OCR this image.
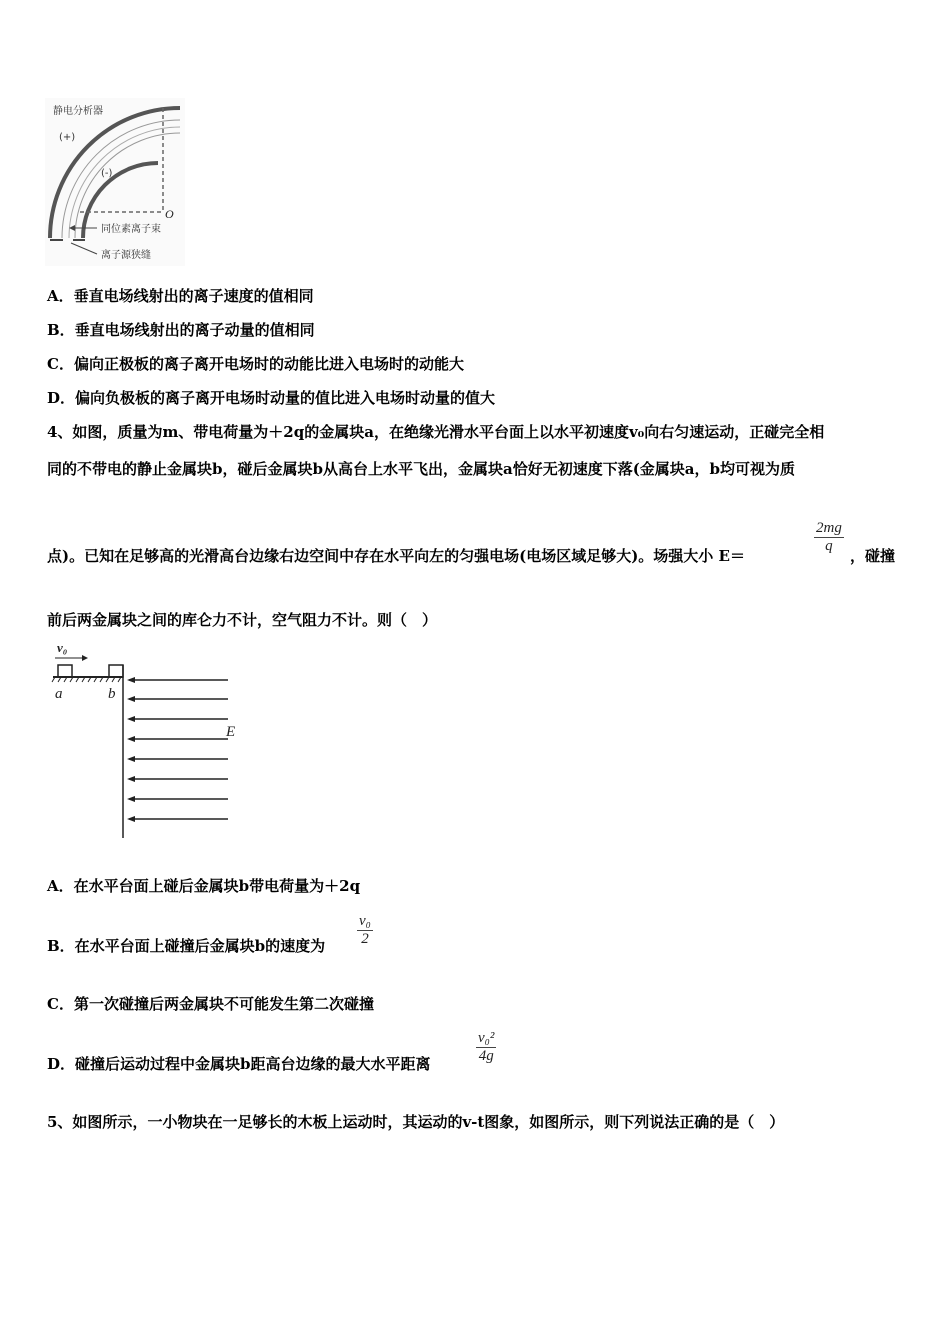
静电分析器
(+)
(-)
O
同位素离子束
离子源狭缝
A．垂直电场线射出的离子速度的值相同
B．垂直电场线射出的离子动量的值相同
C．偏向正极板的离子离开电场时的动能比进入电场时的动能大
D．偏向负极板的离子离开电场时动量的值比进入电场时动量的值大
4、如图，质量为m、带电荷量为＋2q的金属块a，在绝缘光滑水平台面上以水平初速度v₀向右匀速运动，正碰完全相
同的不带电的静止金属块b，碰后金属块b从高台上水平飞出，金属块a恰好无初速度下落(金属块a，b均可视为质
点)。已知在足够高的光滑高台边缘右边空间中存在水平向左的匀强电场(电场区域足够大)。场强大小 E＝
$\frac{2mg}{q}$
，碰撞
前后两金属块之间的库仑力不计，空气阻力不计。则（　）
v₀
a	b
E
A．在水平台面上碰后金属块b带电荷量为＋2q
B．在水平台面上碰撞后金属块b的速度为 $\frac{\text{v₀}}{2}$
C．第一次碰撞后两金属块不可能发生第二次碰撞
D．碰撞后运动过程中金属块b距高台边缘的最大水平距离	$\frac{\text{v₀²}}{4g}$
5、如图所示，一小物块在一足够长的木板上运动时，其运动的v-t图象，如图所示，则下列说法正确的是（　）
